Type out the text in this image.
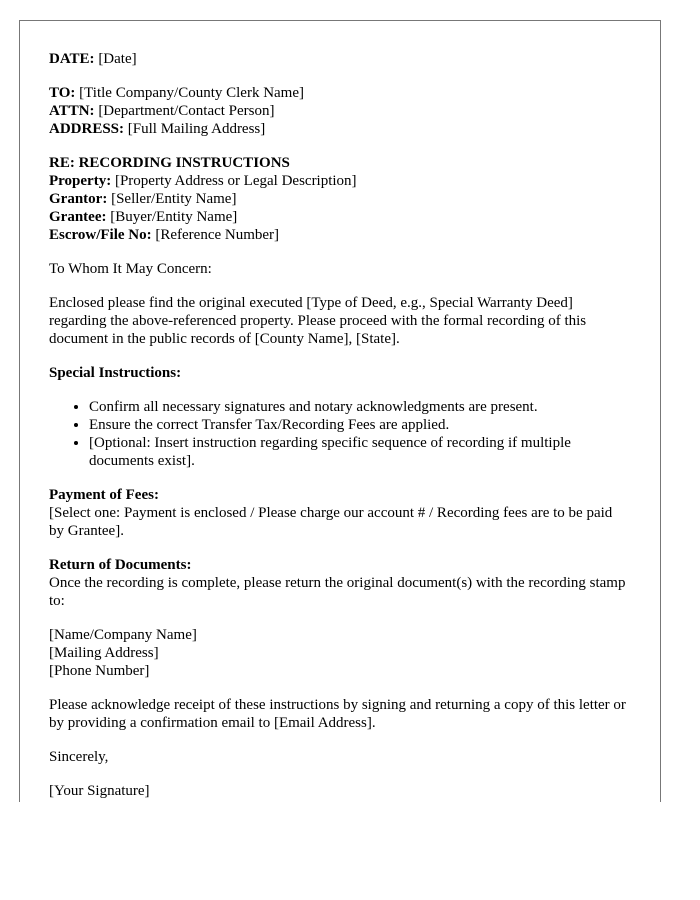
DATE: [Date]
TO: [Title Company/County Clerk Name]
ATTN: [Department/Contact Person]
ADDRESS: [Full Mailing Address]
RE: RECORDING INSTRUCTIONS
Property: [Property Address or Legal Description]
Grantor: [Seller/Entity Name]
Grantee: [Buyer/Entity Name]
Escrow/File No: [Reference Number]

To Whom It May Concern:

Enclosed please find the original executed [Type of Deed, e.g., Special Warranty Deed] regarding the above-referenced property. Please proceed with the formal recording of this document in the public records of [County Name], [State].

Special Instructions:

• Confirm all necessary signatures and notary acknowledgments are present.
• Ensure the correct Transfer Tax/Recording Fees are applied.
• [Optional: Insert instruction regarding specific sequence of recording if multiple documents exist].
Payment of Fees:
[Select one: Payment is enclosed / Please charge our account # / Recording fees are to be paid by Grantee].
Return of Documents:
Once the recording is complete, please return the original document(s) with the recording stamp to:
[Name/Company Name]
[Mailing Address]
[Phone Number]

Please acknowledge receipt of these instructions by signing and returning a copy of this letter or by providing a confirmation email to [Email Address].

Sincerely,

[Your Signature]
